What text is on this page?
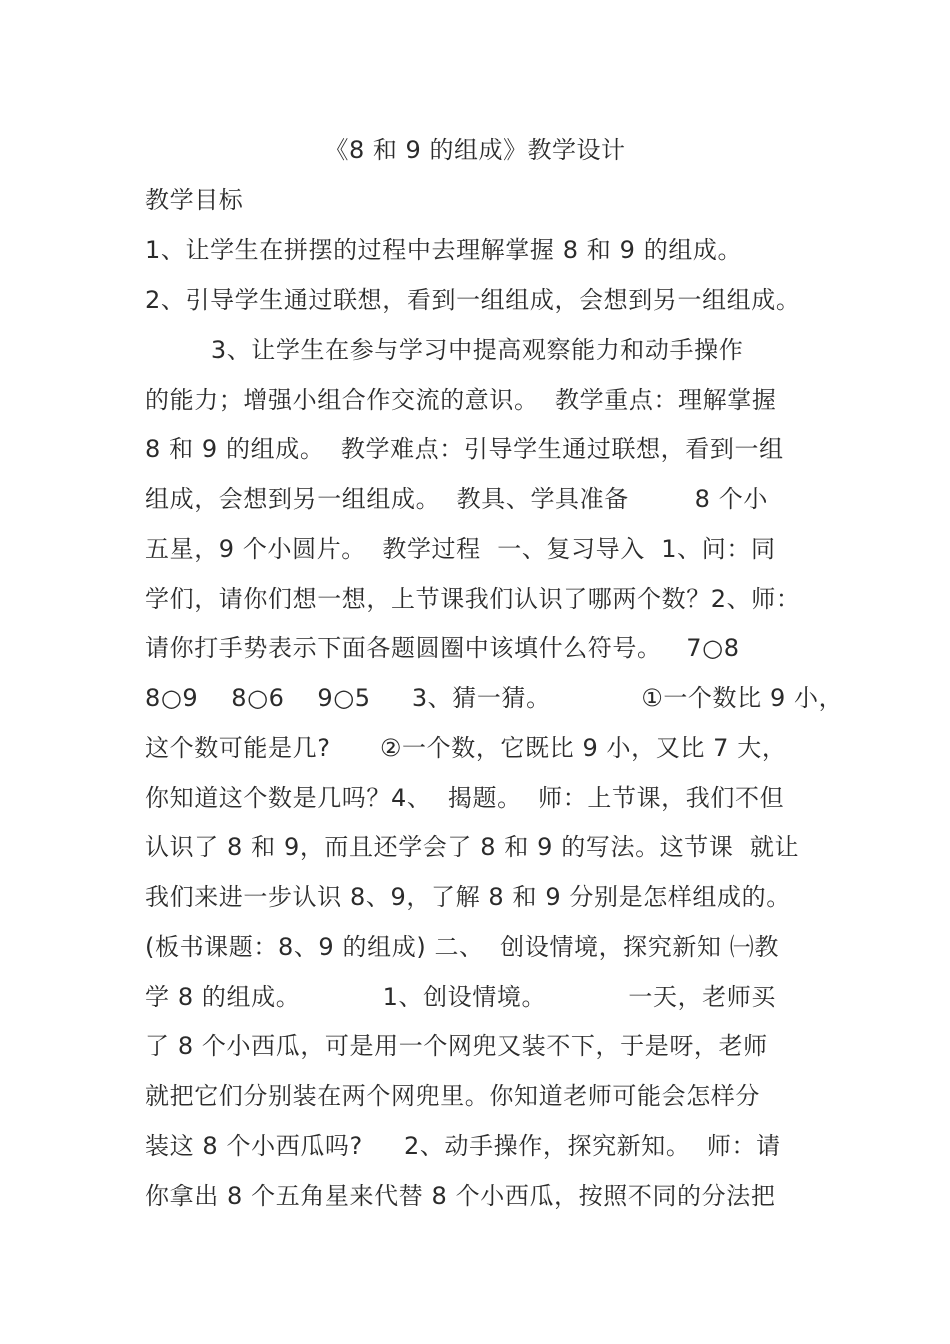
《8 和 9 的组成》教学设计
教学目标
1、让学生在拼摆的过程中去理解掌握 8 和 9 的组成。
2、引导学生通过联想，看到一组组成，会想到另一组组成。
3、让学生在参与学习中提高观察能力和动手操作
的能力；增强小组合作交流的意识。  教学重点：理解掌握
8 和 9 的组成。  教学难点：引导学生通过联想，看到一组
组成，会想到另一组组成。  教具、学具准备        8 个小
五星，9 个小圆片。  教学过程  一、复习导入  1、问：同
学们，请你们想一想，上节课我们认识了哪两个数？2、师：
请你打手势表示下面各题圆圈中该填什么符号。   7○8
8○9    8○6    9○5     3、猜一猜。           ①一个数比 9 小，
这个数可能是几?      ②一个数，它既比 9 小，又比 7 大，
你知道这个数是几吗？4、  揭题。  师：上节课，我们不但
认识了 8 和 9，而且还学会了 8 和 9 的写法。这节课  就让
我们来进一步认识 8、9，了解 8 和 9 分别是怎样组成的。
(板书课题：8、9 的组成) 二、  创设情境，探究新知 ㈠教
学 8 的组成。          1、创设情境。          一天，老师买
了 8 个小西瓜，可是用一个网兜又装不下，于是呀，老师
就把它们分别装在两个网兜里。你知道老师可能会怎样分
装这 8 个小西瓜吗?     2、动手操作，探究新知。  师：请
你拿出 8 个五角星来代替 8 个小西瓜，按照不同的分法把
